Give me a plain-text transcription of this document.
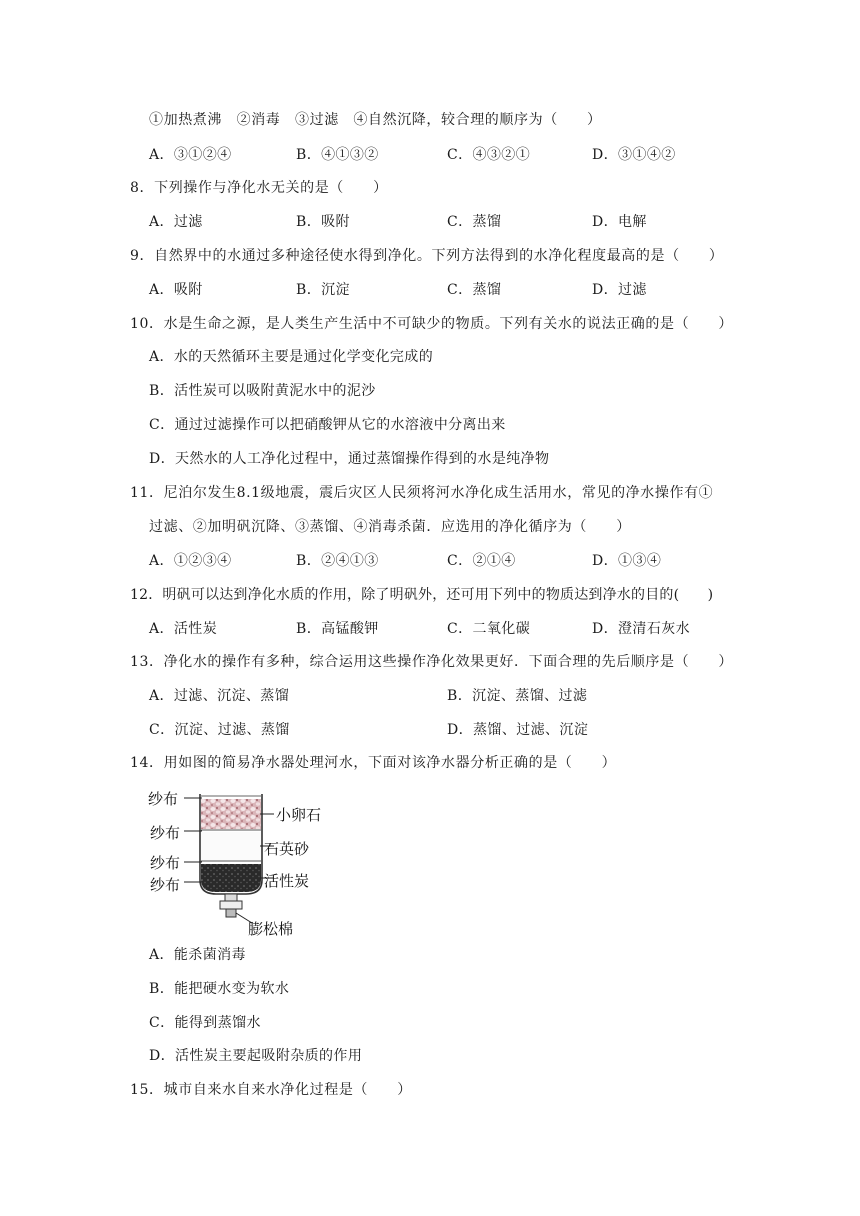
①加热煮沸　②消毒　③过滤　④自然沉降，较合理的顺序为（　　）
A．③①②④	B．④①③②	C．④③②①	D．③①④②
8．下列操作与净化水无关的是（　　）
A．过滤	B．吸附	C．蒸馏	D．电解
9．自然界中的水通过多种途径使水得到净化。下列方法得到的水净化程度最高的是（　　）
A．吸附	B．沉淀	C．蒸馏	D．过滤
10．水是生命之源，是人类生产生活中不可缺少的物质。下列有关水的说法正确的是（　　）
A．水的天然循环主要是通过化学变化完成的
B．活性炭可以吸附黄泥水中的泥沙
C．通过过滤操作可以把硝酸钾从它的水溶液中分离出来
D．天然水的人工净化过程中，通过蒸馏操作得到的水是纯净物
11．尼泊尔发生8.1级地震，震后灾区人民须将河水净化成生活用水，常见的净水操作有①
过滤、②加明矾沉降、③蒸馏、④消毒杀菌．应选用的净化循序为（　　）
A．①②③④	B．②④①③	C．②①④	D．①③④
12．明矾可以达到净化水质的作用，除了明矾外，还可用下列中的物质达到净水的目的(　　)
A．活性炭	B．高锰酸钾	C．二氧化碳	D．澄清石灰水
13．净化水的操作有多种，综合运用这些操作净化效果更好．下面合理的先后顺序是（　　）
A．过滤、沉淀、蒸馏	B．沉淀、蒸馏、过滤
C．沉淀、过滤、蒸馏	D．蒸馏、过滤、沉淀
14．用如图的简易净水器处理河水，下面对该净水器分析正确的是（　　）
纱布
纱布
纱布
纱布
小卵石
石英砂
活性炭
膨松棉
A．能杀菌消毒
B．能把硬水变为软水
C．能得到蒸馏水
D．活性炭主要起吸附杂质的作用
15．城市自来水自来水净化过程是（　　）
